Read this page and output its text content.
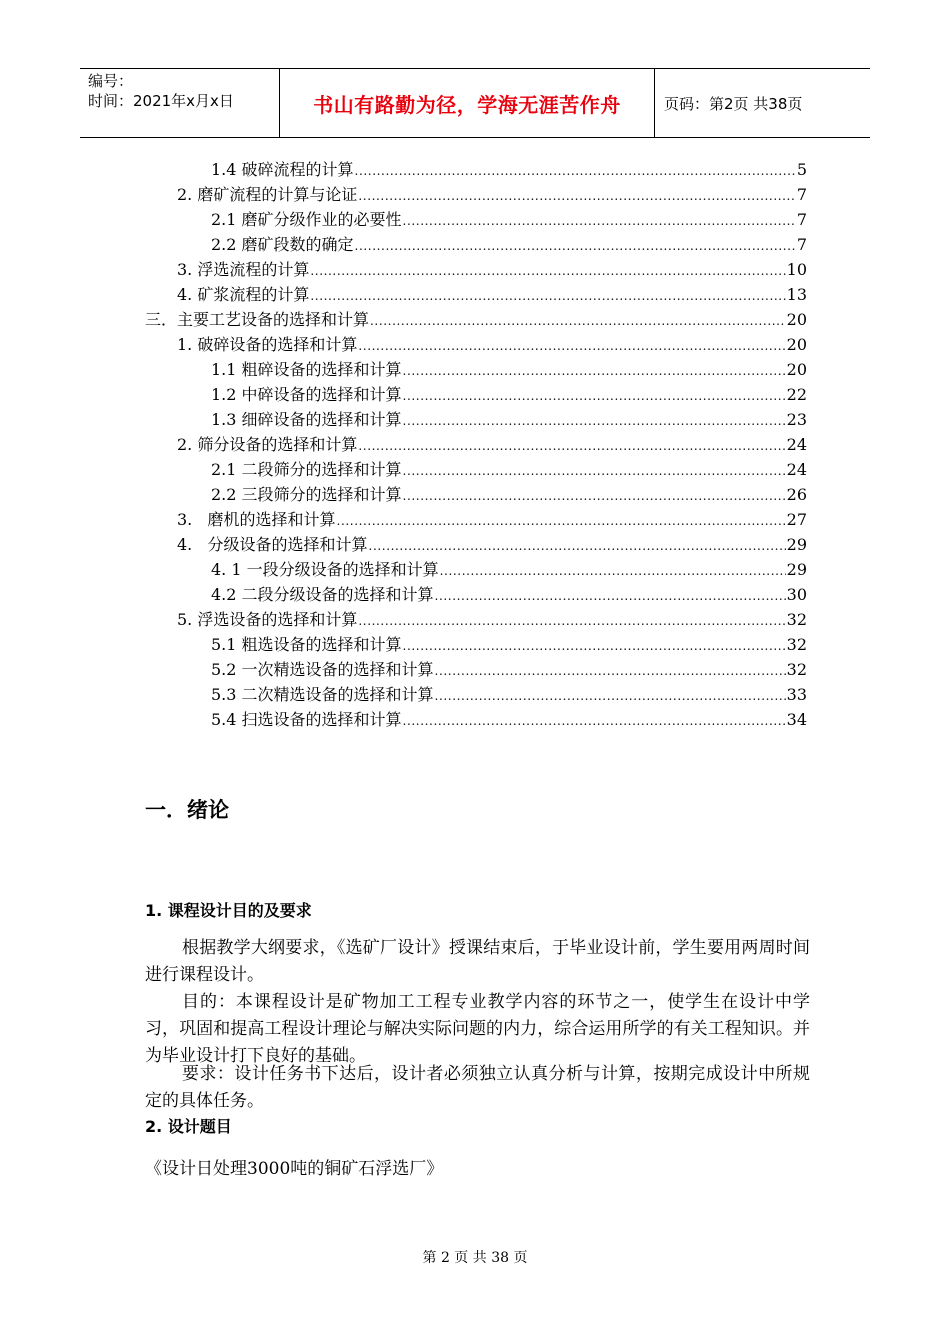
编号：
时间：2021年x月x日	书山有路勤为径，学海无涯苦作舟	页码：第2页 共38页
1.4 破碎流程的计算 .....	5
2. 磨矿流程的计算与论证 .....	7
2.1 磨矿分级作业的必要性 .....	7
2.2 磨矿段数的确定 .....	7
3. 浮选流程的计算 .....	10
4. 矿浆流程的计算 .....	13
三．主要工艺设备的选择和计算 .....	20
1. 破碎设备的选择和计算 .....	20
1.1 粗碎设备的选择和计算 .....	20
1.2 中碎设备的选择和计算 .....	22
1.3 细碎设备的选择和计算 .....	23
2. 筛分设备的选择和计算 .....	24
2.1 二段筛分的选择和计算 .....	24
2.2 三段筛分的选择和计算 .....	26
3.   磨机的选择和计算 .....	27
4.   分级设备的选择和计算 .....	29
4. 1 一段分级设备的选择和计算 .....	29
4.2 二段分级设备的选择和计算 .....	30
5. 浮选设备的选择和计算 .....	32
5.1 粗选设备的选择和计算 .....	32
5.2 一次精选设备的选择和计算 .....	32
5.3 二次精选设备的选择和计算 .....	33
5.4 扫选设备的选择和计算 .....	34
一．绪论
1. 课程设计目的及要求
根据教学大纲要求，《选矿厂设计》授课结束后，于毕业设计前，学生要用两周时间进行课程设计。
目的：本课程设计是矿物加工工程专业教学内容的环节之一，使学生在设计中学习，巩固和提高工程设计理论与解决实际问题的内力，综合运用所学的有关工程知识。并为毕业设计打下良好的基础。
要求：设计任务书下达后，设计者必须独立认真分析与计算，按期完成设计中所规定的具体任务。
2. 设计题目
《设计日处理3000吨的铜矿石浮选厂》
第 2 页 共 38 页
